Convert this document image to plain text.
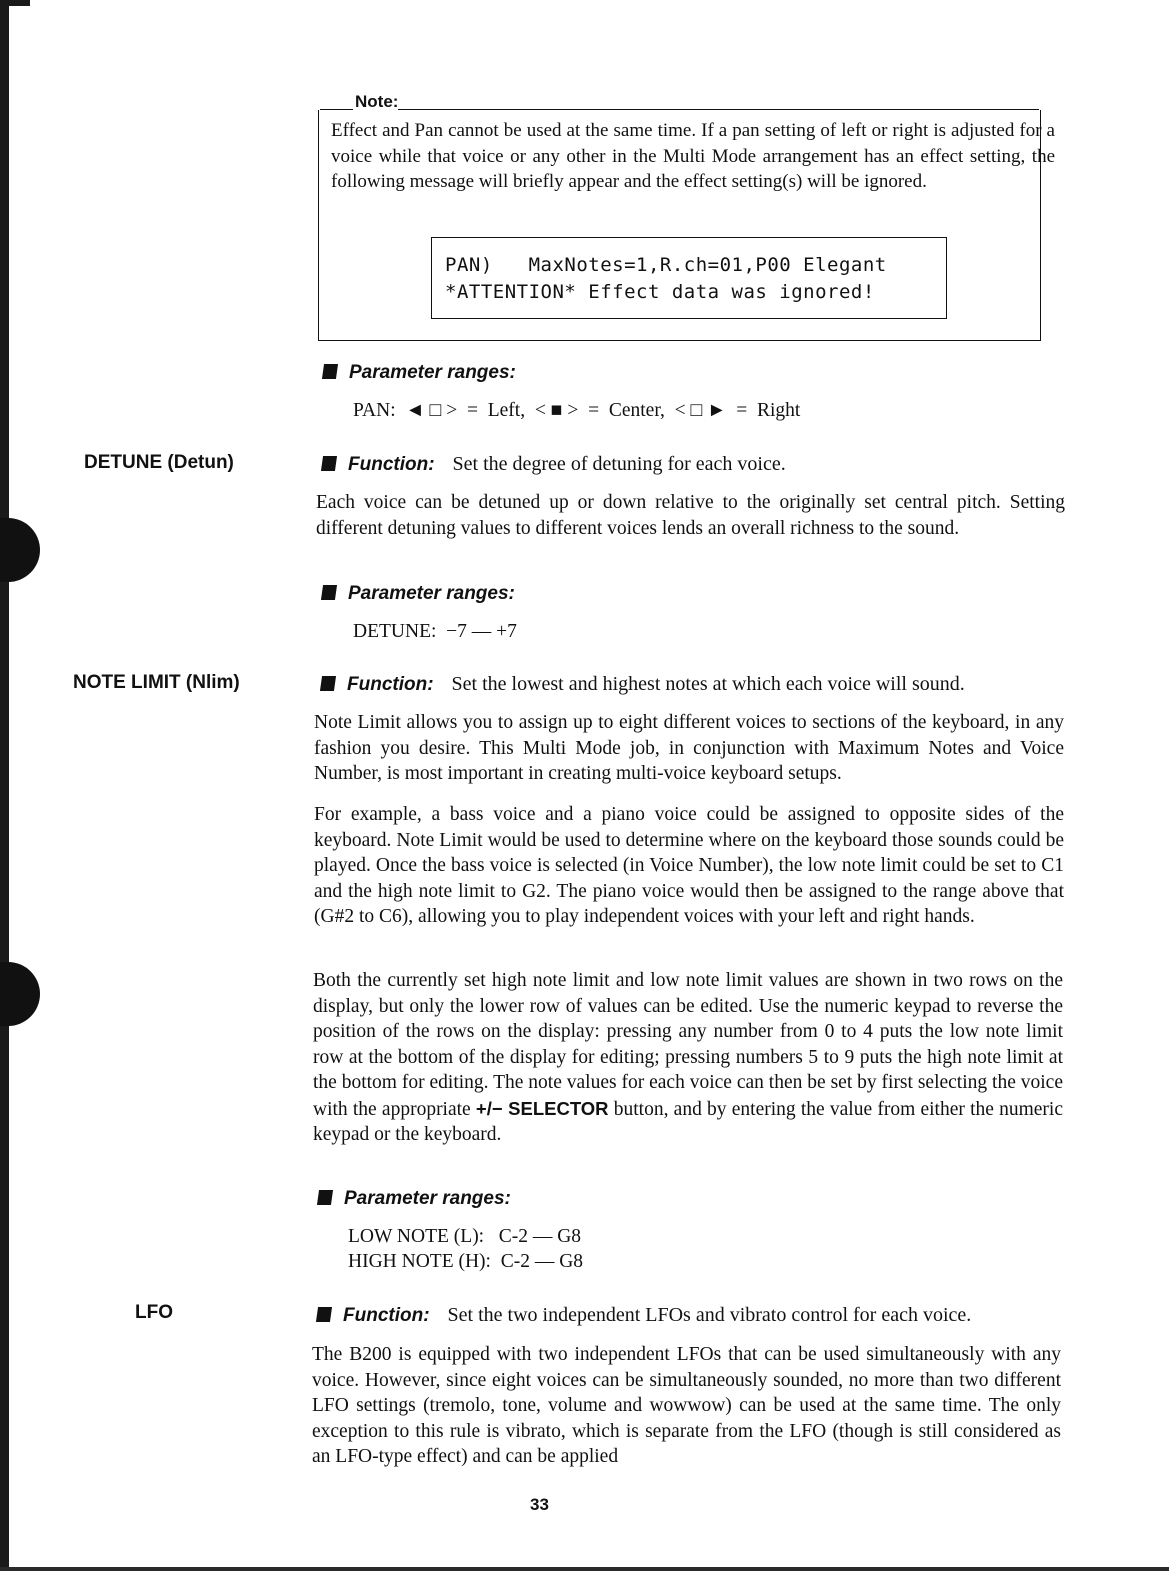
Note:
Effect and Pan cannot be used at the same time. If a pan setting of left or right is adjusted for a voice while that voice or any other in the Multi Mode arrangement has an effect setting, the following message will briefly appear and the effect setting(s) will be ignored.
PAN)   MaxNotes=1,R.ch=01,P00 Elegant
*ATTENTION* Effect data was ignored!
Parameter ranges:
PAN:  ◄ □ >  =  Left,  < ■ >  =  Center,  < □ ►  =  Right
DETUNE (Detun)	Function: Set the degree of detuning for each voice.
Each voice can be detuned up or down relative to the originally set central pitch. Setting different detuning values to different voices lends an overall richness to the sound.
Parameter ranges:
DETUNE:  −7 — +7
NOTE LIMIT (Nlim)	Function: Set the lowest and highest notes at which each voice will sound.
Note Limit allows you to assign up to eight different voices to sections of the keyboard, in any fashion you desire. This Multi Mode job, in conjunction with Maximum Notes and Voice Number, is most important in creating multi-voice keyboard setups.
For example, a bass voice and a piano voice could be assigned to opposite sides of the keyboard. Note Limit would be used to determine where on the keyboard those sounds could be played. Once the bass voice is selected (in Voice Number), the low note limit could be set to C1 and the high note limit to G2. The piano voice would then be assigned to the range above that (G#2 to C6), allowing you to play independent voices with your left and right hands.
Both the currently set high note limit and low note limit values are shown in two rows on the display, but only the lower row of values can be edited. Use the numeric keypad to reverse the position of the rows on the display: pressing any number from 0 to 4 puts the low note limit row at the bottom of the display for editing; pressing numbers 5 to 9 puts the high note limit at the bottom for editing. The note values for each voice can then be set by first selecting the voice with the appropriate +/− SELECTOR button, and by entering the value from either the numeric keypad or the keyboard.
Parameter ranges:
LOW NOTE (L):   C-2 — G8
HIGH NOTE (H):  C-2 — G8
LFO	Function: Set the two independent LFOs and vibrato control for each voice.
The B200 is equipped with two independent LFOs that can be used simultaneously with any voice. However, since eight voices can be simultaneously sounded, no more than two different LFO settings (tremolo, tone, volume and wowwow) can be used at the same time. The only exception to this rule is vibrato, which is separate from the LFO (though is still considered as an LFO-type effect) and can be applied
33
